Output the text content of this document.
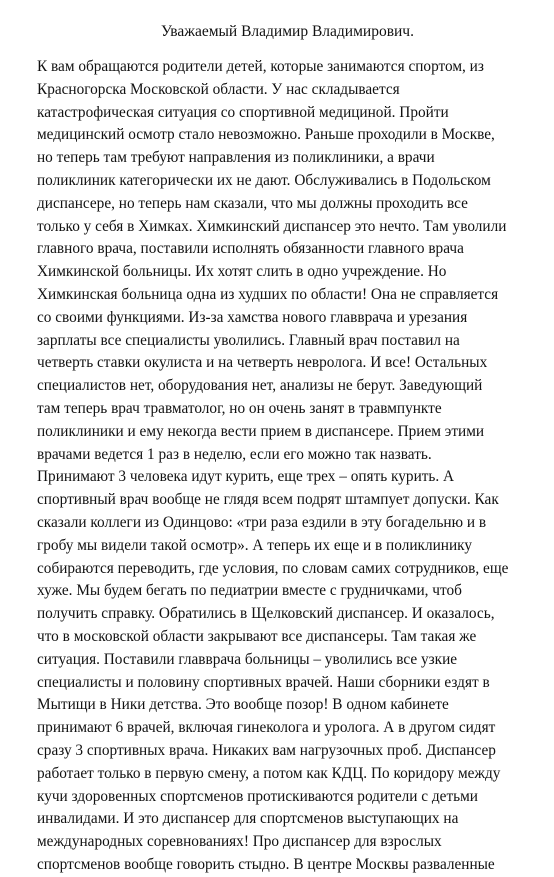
Уважаемый Владимир Владимирович.
К вам обращаются родители детей, которые занимаются спортом, из
Красногорска Московской области. У нас складывается
катастрофическая ситуация со спортивной медициной. Пройти
медицинский осмотр стало невозможно. Раньше проходили в Москве,
но теперь там требуют направления из поликлиники, а врачи
поликлиник категорически их не дают. Обслуживались в Подольском
диспансере, но теперь нам сказали, что мы должны проходить все
только у себя в Химках. Химкинский диспансер это нечто. Там уволили
главного врача, поставили исполнять обязанности главного врача
Химкинской больницы. Их хотят слить в одно учреждение. Но
Химкинская больница одна из худших по области! Она не справляется
со своими функциями. Из-за хамства нового главврача и урезания
зарплаты все специалисты уволились. Главный врач поставил на
четверть ставки окулиста и на четверть невролога. И все! Остальных
специалистов нет, оборудования нет, анализы не берут. Заведующий
там теперь врач травматолог, но он очень занят в травмпункте
поликлиники и ему некогда вести прием в диспансере. Прием этими
врачами ведется 1 раз в неделю, если его можно так назвать.
Принимают 3 человека идут курить, еще трех – опять курить. А
спортивный врач вообще не глядя всем подрят штампует допуски. Как
сказали коллеги из Одинцово: «три раза ездили в эту богадельню и в
гробу мы видели такой осмотр». А теперь их еще и в поликлинику
собираются переводить, где условия, по словам самих сотрудников, еще
хуже. Мы будем бегать по педиатрии вместе с грудничками, чтоб
получить справку. Обратились в Щелковский диспансер. И оказалось,
что в московской области закрывают все диспансеры. Там такая же
ситуация. Поставили главврача больницы – уволились все узкие
специалисты и половину спортивных врачей. Наши сборники ездят в
Мытищи в Ники детства. Это вообще позор! В одном кабинете
принимают 6 врачей, включая гинеколога и уролога. А в другом сидят
сразу 3 спортивных врача. Никаких вам нагрузочных проб. Диспансер
работает только в первую смену, а потом как КДЦ. По коридору между
кучи здоровенных спортсменов протискиваются родители с детьми
инвалидами. И это диспансер для спортсменов выступающих на
международных соревнованиях! Про диспансер для взрослых
спортсменов вообще говорить стыдно. В центре Москвы разваленные
